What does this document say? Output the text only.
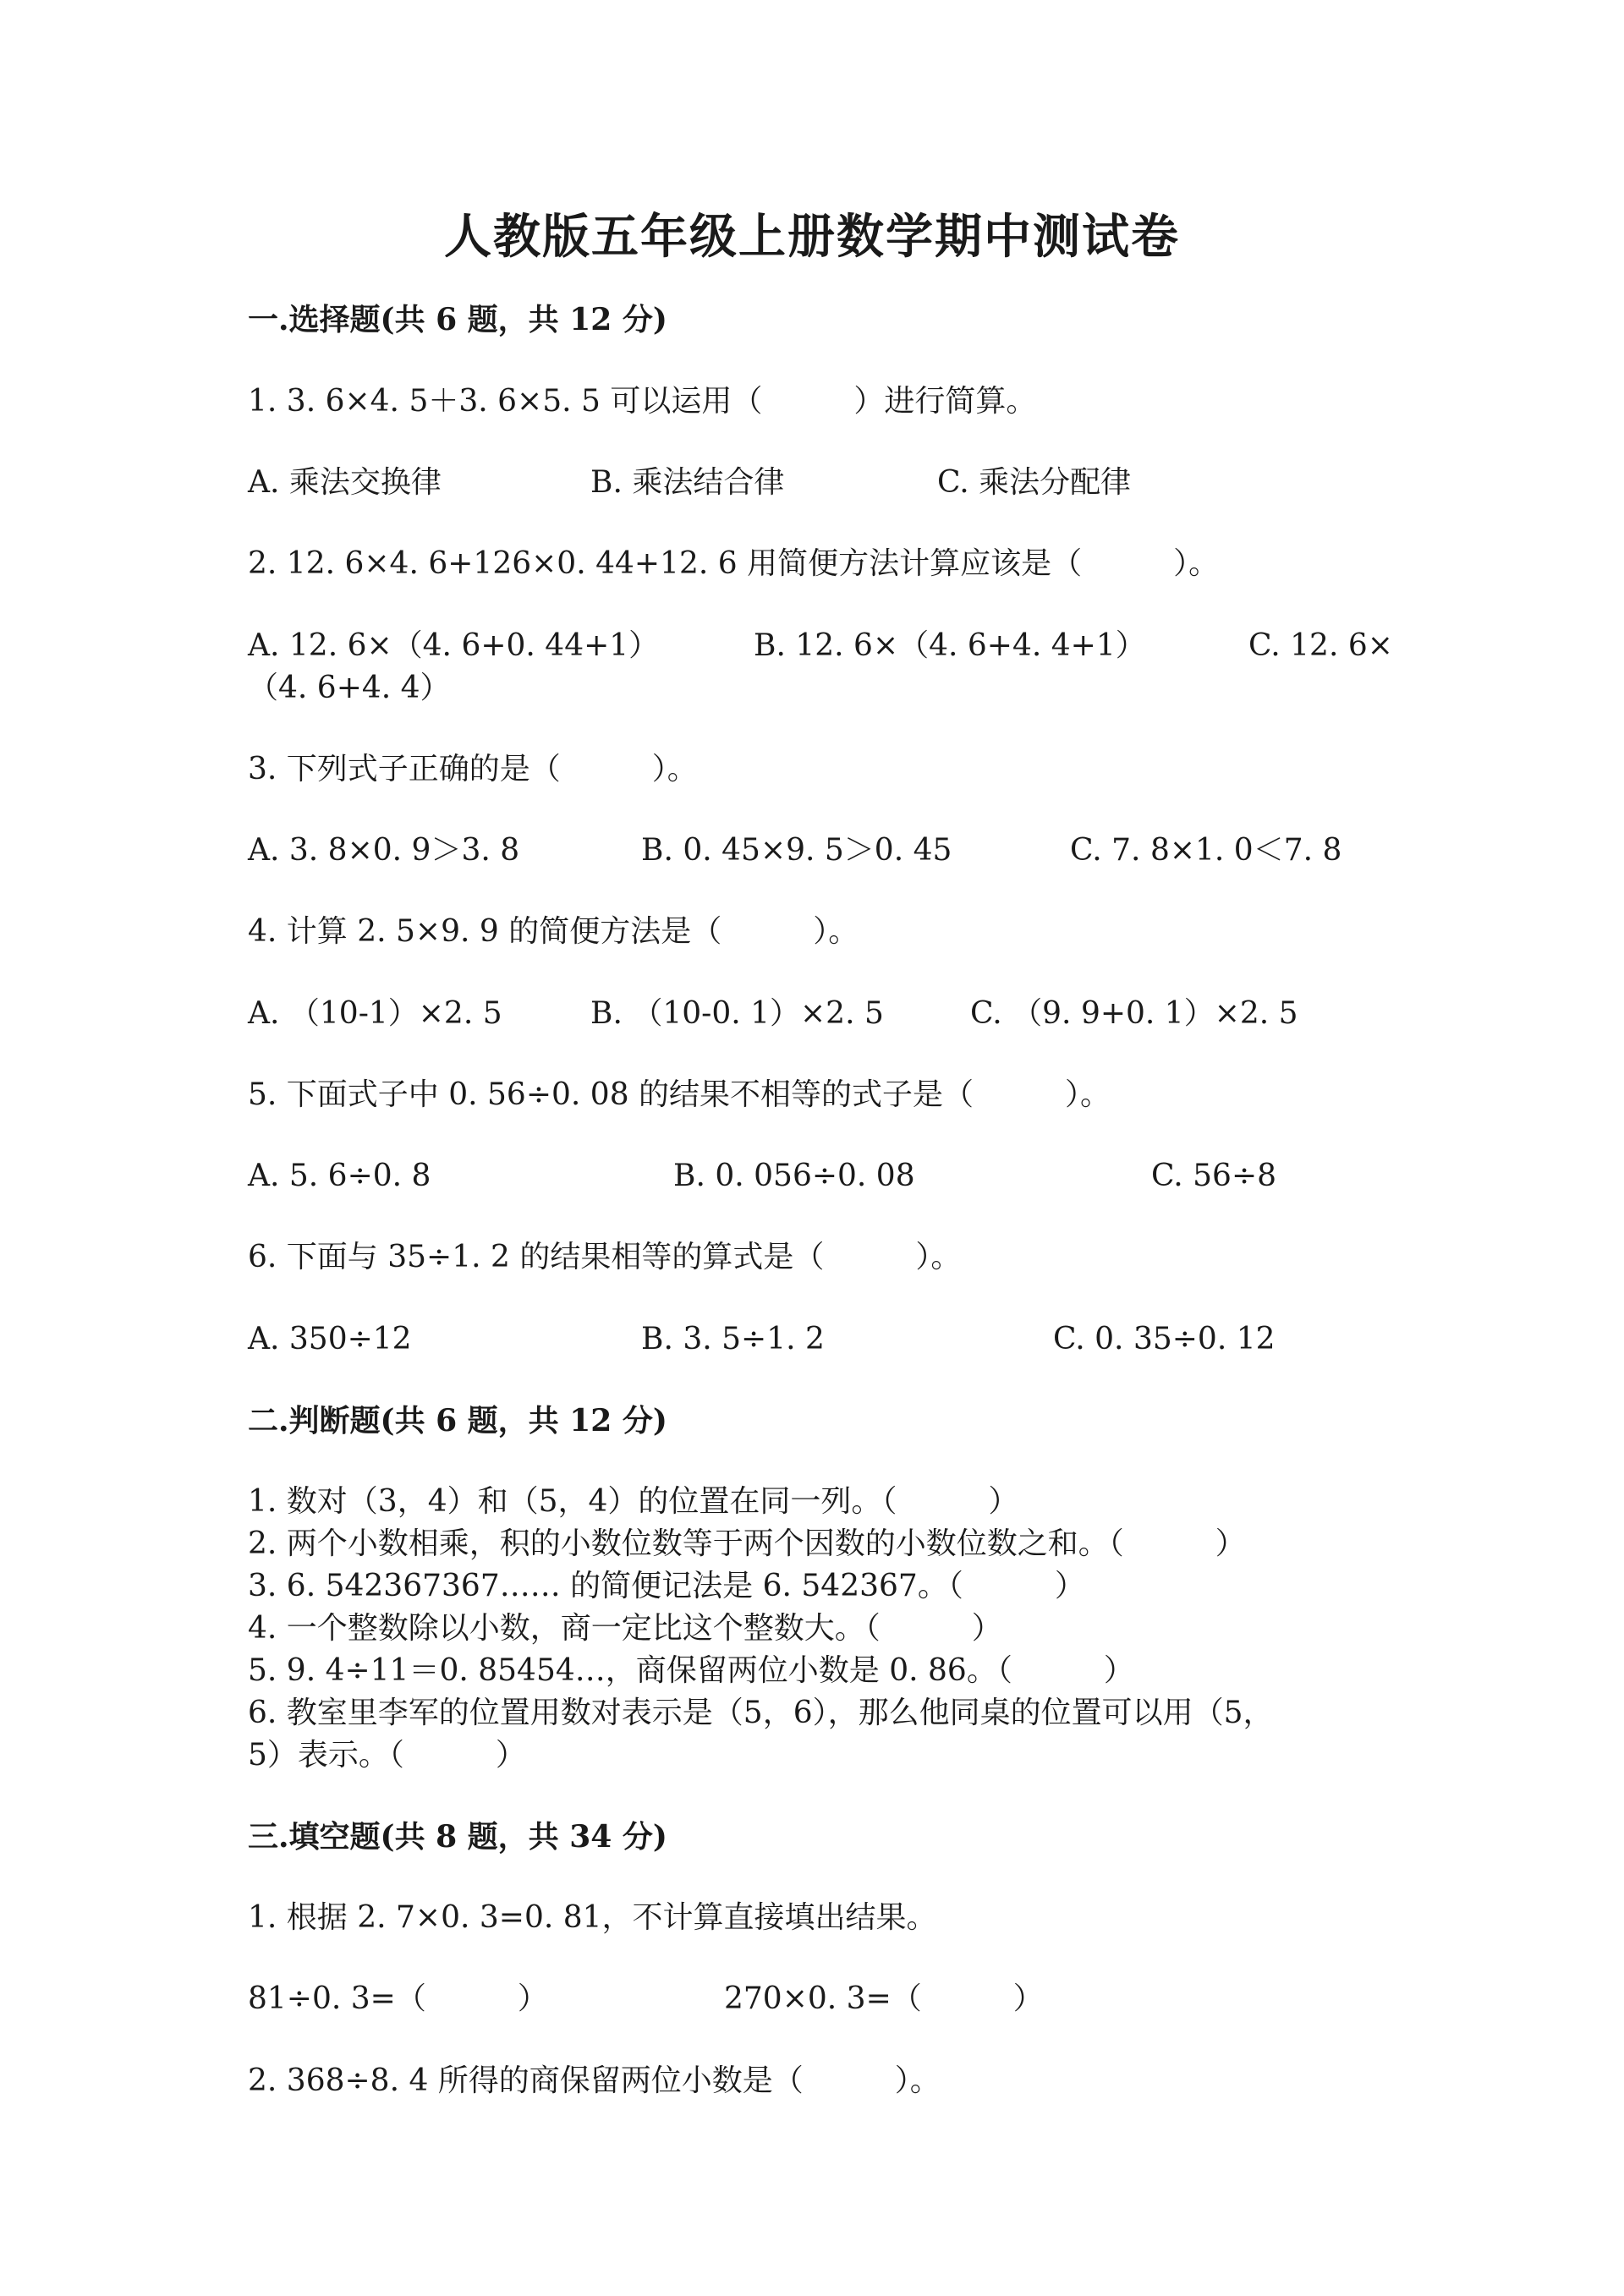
人教版五年级上册数学期中测试卷
一.选择题(共 6 题，共 12 分)
1. 3. 6×4. 5＋3. 6×5. 5 可以运用（　　　）进行简算。
A. 乘法交换律	B. 乘法结合律	C. 乘法分配律
2. 12. 6×4. 6+126×0. 44+12. 6 用简便方法计算应该是（　　　）。
A. 12. 6×（4. 6+0. 44+1）	B. 12. 6×（4. 6+4. 4+1）	C. 12. 6×
（4. 6+4. 4）
3. 下列式子正确的是（　　　）。
A. 3. 8×0. 9＞3. 8	B. 0. 45×9. 5＞0. 45	C. 7. 8×1. 0＜7. 8
4. 计算 2. 5×9. 9 的简便方法是（　　　）。
A. （10-1）×2. 5	B. （10-0. 1）×2. 5	C. （9. 9+0. 1）×2. 5
5. 下面式子中 0. 56÷0. 08 的结果不相等的式子是（　　　）。
A. 5. 6÷0. 8	B. 0. 056÷0. 08	C. 56÷8
6. 下面与 35÷1. 2 的结果相等的算式是（　　　）。
A. 350÷12	B. 3. 5÷1. 2	C. 0. 35÷0. 12
二.判断题(共 6 题，共 12 分)
1. 数对（3，4）和（5，4）的位置在同一列。（　　　）
2. 两个小数相乘，积的小数位数等于两个因数的小数位数之和。（　　　）
3. 6. 542367367…… 的简便记法是 6. 542367。（　　　）
4. 一个整数除以小数，商一定比这个整数大。（　　　）
5. 9. 4÷11＝0. 85454…，商保留两位小数是 0. 86。（　　　）
6. 教室里李军的位置用数对表示是（5，6），那么他同桌的位置可以用（5，
5）表示。（　　　）
三.填空题(共 8 题，共 34 分)
1. 根据 2. 7×0. 3=0. 81，不计算直接填出结果。
81÷0. 3=（　　　）	270×0. 3=（　　　）
2. 368÷8. 4 所得的商保留两位小数是（　　　）。
